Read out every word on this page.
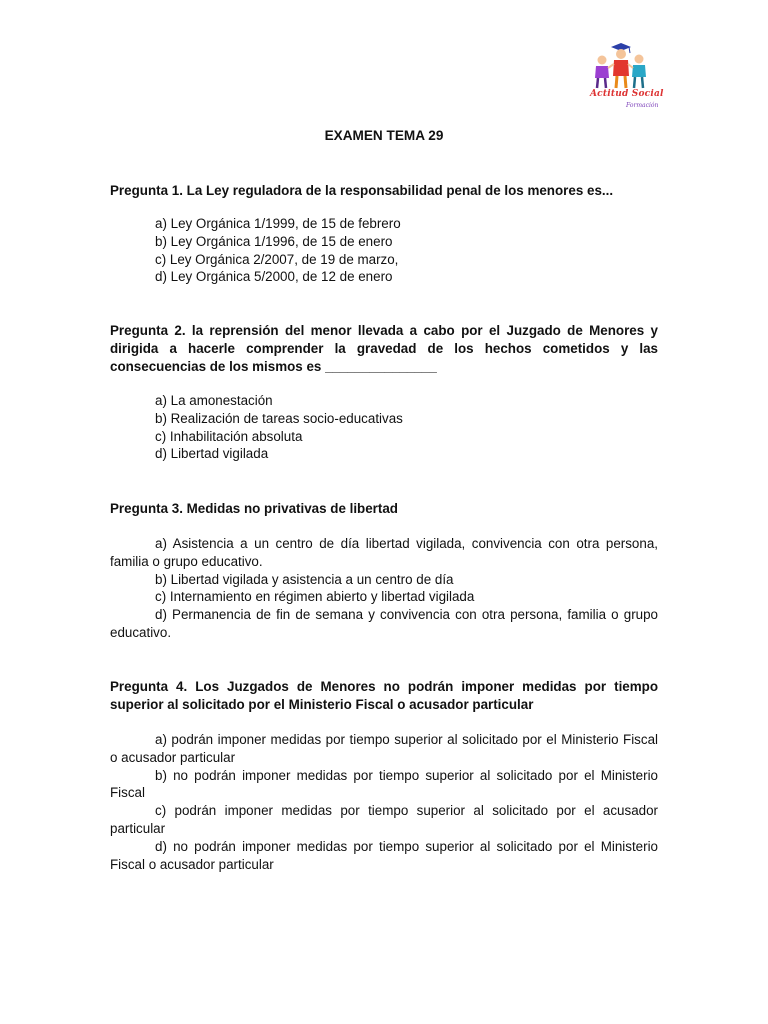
Actitud Social
Formación
EXAMEN TEMA 29
Pregunta 1. La Ley reguladora de la responsabilidad penal de los menores es...
a) Ley Orgánica 1/1999, de 15 de febrero
b) Ley Orgánica 1/1996, de 15 de enero
c) Ley Orgánica 2/2007, de 19 de marzo,
d) Ley Orgánica 5/2000, de 12 de enero
Pregunta 2. la reprensión del menor llevada a cabo por el Juzgado de Menores y dirigida a hacerle comprender la gravedad de los hechos cometidos y las consecuencias de los mismos es _______________
a) La amonestación
b) Realización de tareas socio-educativas
c) Inhabilitación absoluta
d) Libertad vigilada
Pregunta 3. Medidas no privativas de libertad
a) Asistencia a un centro de día libertad vigilada, convivencia con otra persona, familia o grupo educativo.
b) Libertad vigilada y asistencia a un centro de día
c) Internamiento en régimen abierto y libertad vigilada
d) Permanencia de fin de semana y convivencia con otra persona, familia o grupo educativo.
Pregunta 4. Los Juzgados de Menores no podrán imponer medidas por tiempo superior al solicitado por el Ministerio Fiscal o acusador particular
a) podrán imponer medidas por tiempo superior al solicitado por el Ministerio Fiscal o acusador particular
b) no podrán imponer medidas por tiempo superior al solicitado por el Ministerio Fiscal
c) podrán imponer medidas por tiempo superior al solicitado por el acusador particular
d) no podrán imponer medidas por tiempo superior al solicitado por el Ministerio Fiscal o acusador particular
